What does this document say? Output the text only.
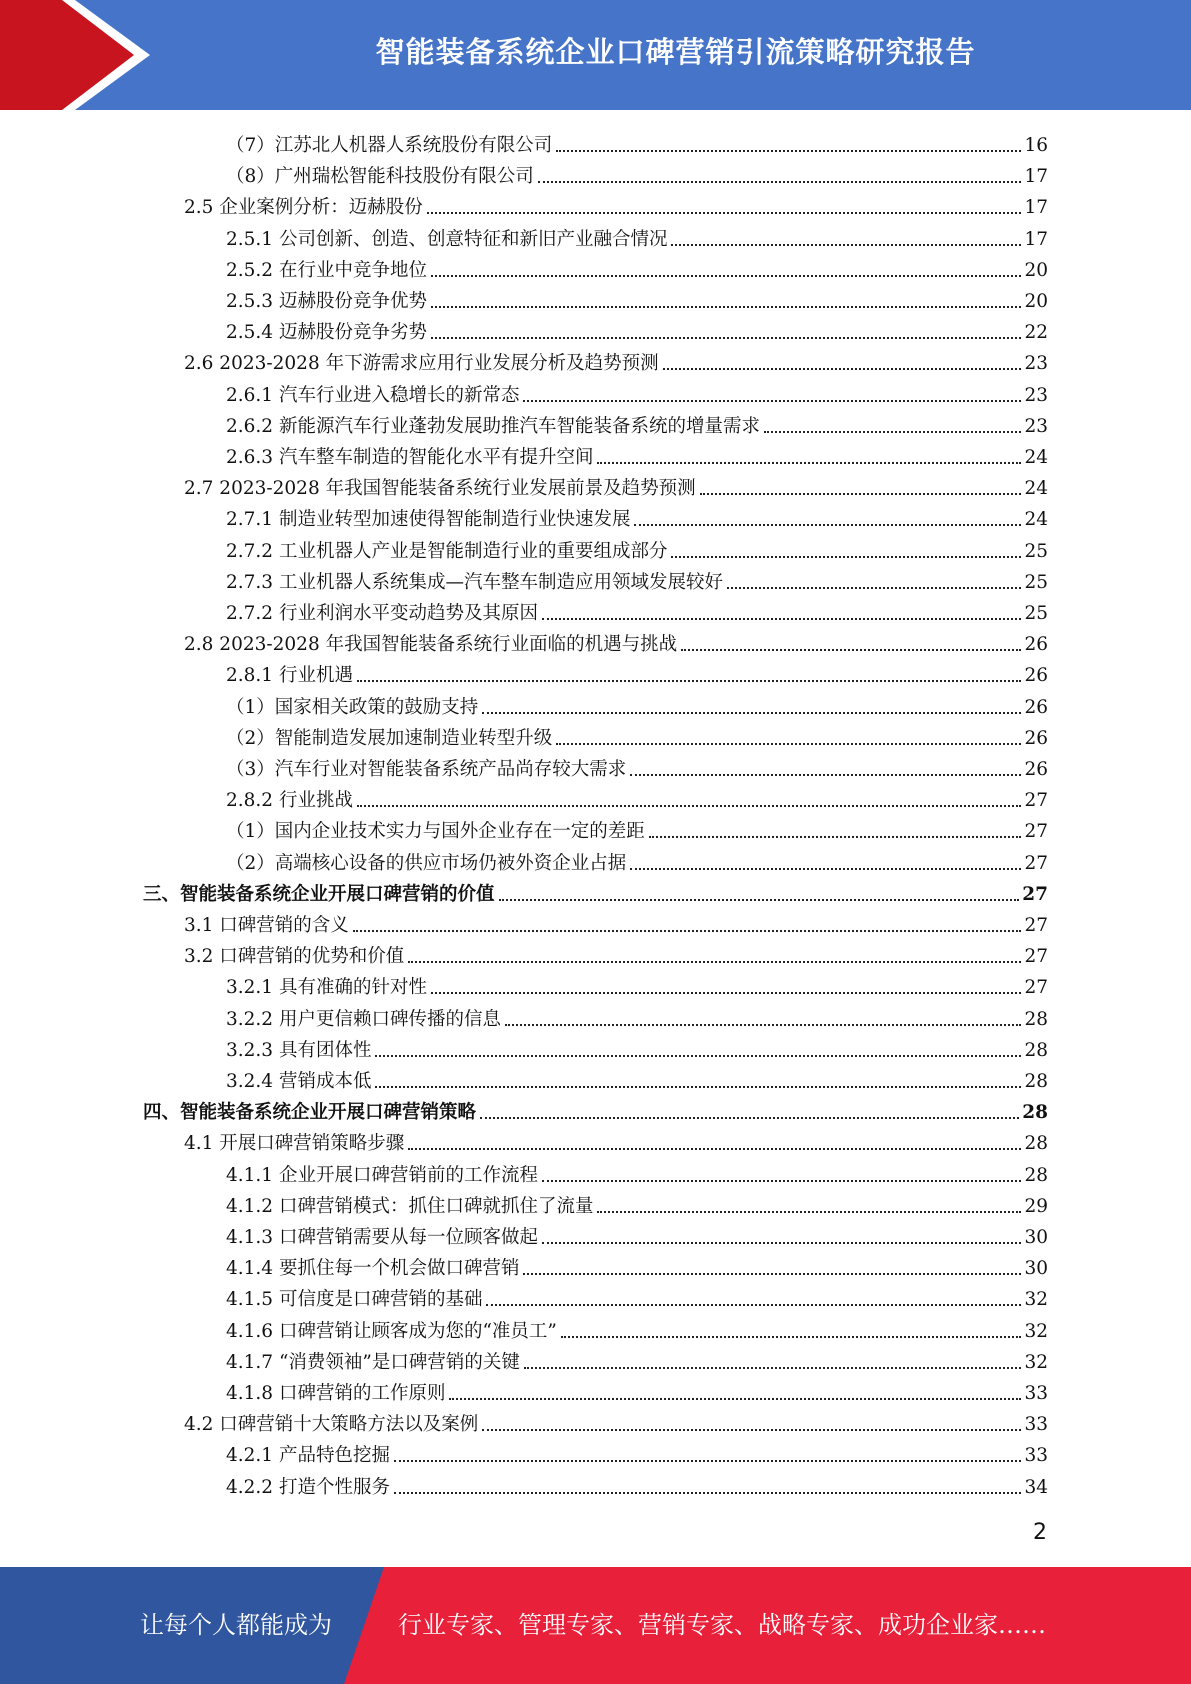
智能装备系统企业口碑营销引流策略研究报告
（7）江苏北人机器人系统股份有限公司	16
（8）广州瑞松智能科技股份有限公司	17
2.5 企业案例分析：迈赫股份	17
2.5.1 公司创新、创造、创意特征和新旧产业融合情况	17
2.5.2 在行业中竞争地位	20
2.5.3 迈赫股份竞争优势	20
2.5.4 迈赫股份竞争劣势	22
2.6 2023-2028 年下游需求应用行业发展分析及趋势预测	23
2.6.1 汽车行业进入稳增长的新常态	23
2.6.2 新能源汽车行业蓬勃发展助推汽车智能装备系统的增量需求	23
2.6.3 汽车整车制造的智能化水平有提升空间	24
2.7 2023-2028 年我国智能装备系统行业发展前景及趋势预测	24
2.7.1 制造业转型加速使得智能制造行业快速发展	24
2.7.2 工业机器人产业是智能制造行业的重要组成部分	25
2.7.3 工业机器人系统集成—汽车整车制造应用领域发展较好	25
2.7.2 行业利润水平变动趋势及其原因	25
2.8 2023-2028 年我国智能装备系统行业面临的机遇与挑战	26
2.8.1 行业机遇	26
（1）国家相关政策的鼓励支持	26
（2）智能制造发展加速制造业转型升级	26
（3）汽车行业对智能装备系统产品尚存较大需求	26
2.8.2 行业挑战	27
（1）国内企业技术实力与国外企业存在一定的差距	27
（2）高端核心设备的供应市场仍被外资企业占据	27
三、智能装备系统企业开展口碑营销的价值	27
3.1 口碑营销的含义	27
3.2 口碑营销的优势和价值	27
3.2.1 具有准确的针对性	27
3.2.2 用户更信赖口碑传播的信息	28
3.2.3 具有团体性	28
3.2.4 营销成本低	28
四、智能装备系统企业开展口碑营销策略	28
4.1 开展口碑营销策略步骤	28
4.1.1 企业开展口碑营销前的工作流程	28
4.1.2 口碑营销模式：抓住口碑就抓住了流量	29
4.1.3 口碑营销需要从每一位顾客做起	30
4.1.4 要抓住每一个机会做口碑营销	30
4.1.5 可信度是口碑营销的基础	32
4.1.6 口碑营销让顾客成为您的“准员工”	32
4.1.7 “消费领袖”是口碑营销的关键	32
4.1.8 口碑营销的工作原则	33
4.2 口碑营销十大策略方法以及案例	33
4.2.1 产品特色挖掘	33
4.2.2 打造个性服务	34
2
让每个人都能成为	行业专家、管理专家、营销专家、战略专家、成功企业家……
